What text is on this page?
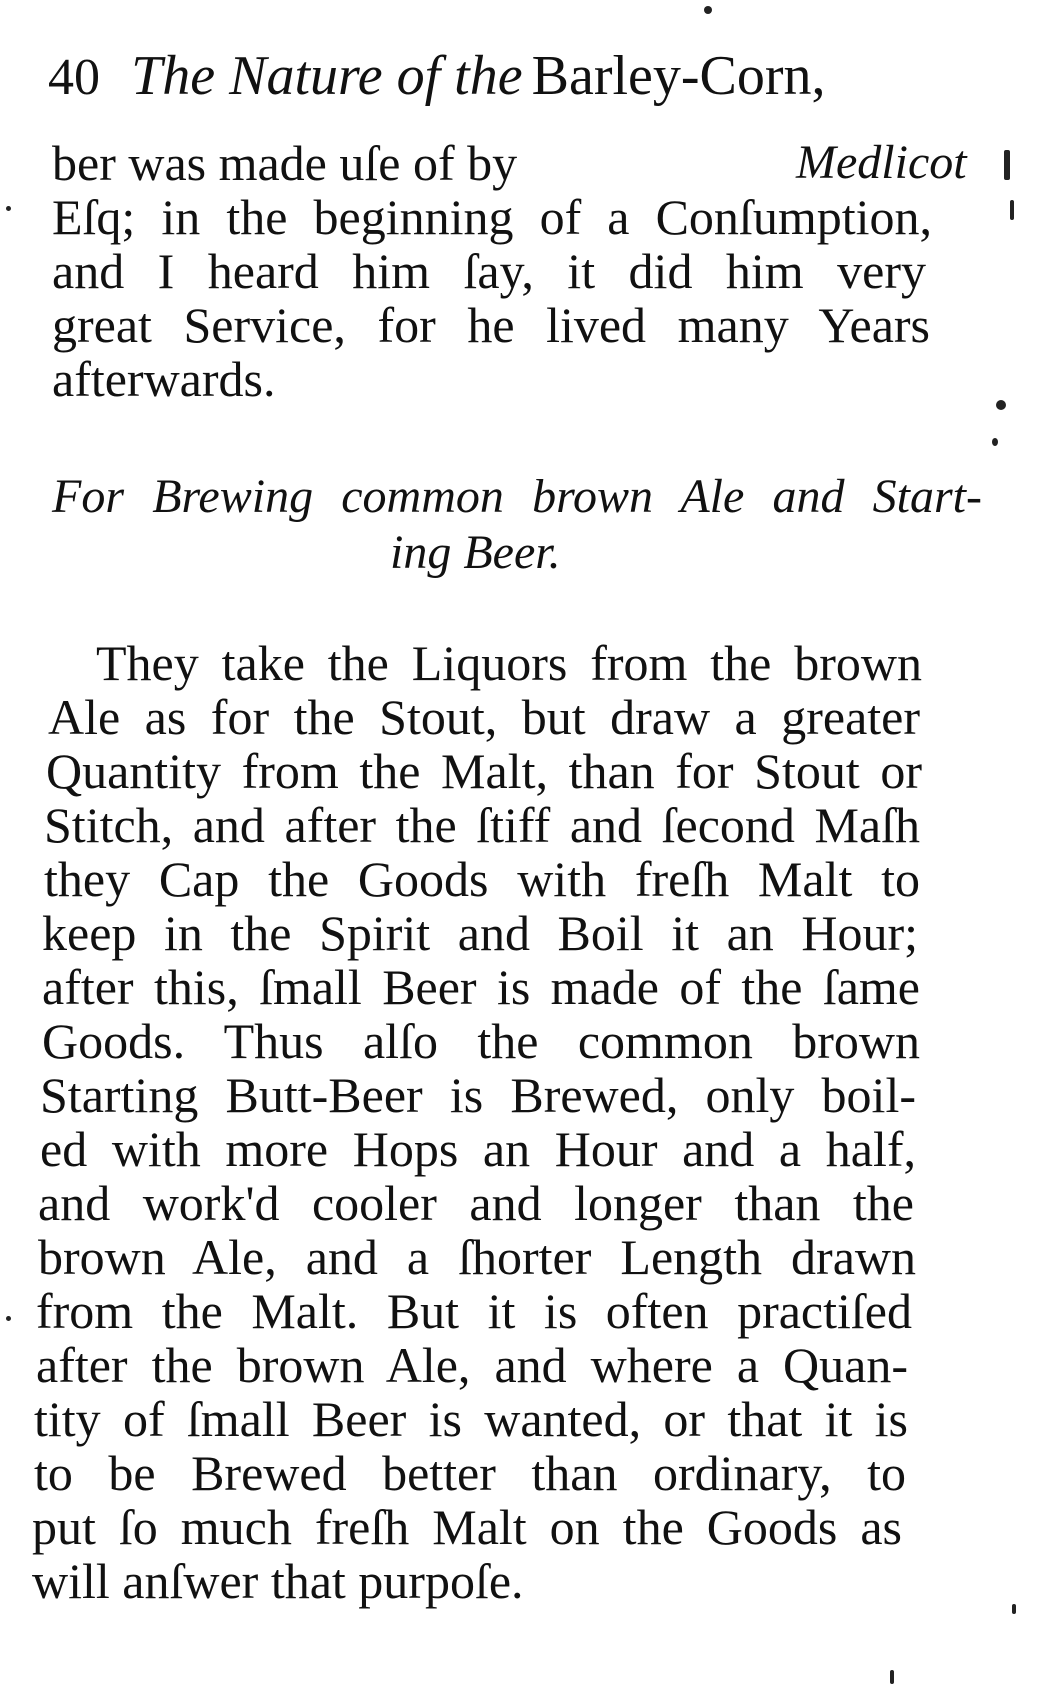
40 The Nature of the Barley-Corn,
ber was made uſe of by	Medlicot
Eſq; in the beginning of a Conſumption,
and I heard him ſay, it did him very
great Service, for he lived many Years
afterwards.
For Brewing common brown Ale and Start-
ing Beer.
They take the Liquors from the brown
Ale as for the Stout, but draw a greater
Quantity from the Malt, than for Stout or
Stitch, and after the ſtiff and ſecond Maſh
they Cap the Goods with freſh Malt to
keep in the Spirit and Boil it an Hour;
after this, ſmall Beer is made of the ſame
Goods. Thus alſo the common brown
Starting Butt-Beer is Brewed, only boil-
ed with more Hops an Hour and a half,
and work'd cooler and longer than the
brown Ale, and a ſhorter Length drawn
from the Malt. But it is often practiſed
after the brown Ale, and where a Quan-
tity of ſmall Beer is wanted, or that it is
to be Brewed better than ordinary, to
put ſo much freſh Malt on the Goods as
will anſwer that purpoſe.
